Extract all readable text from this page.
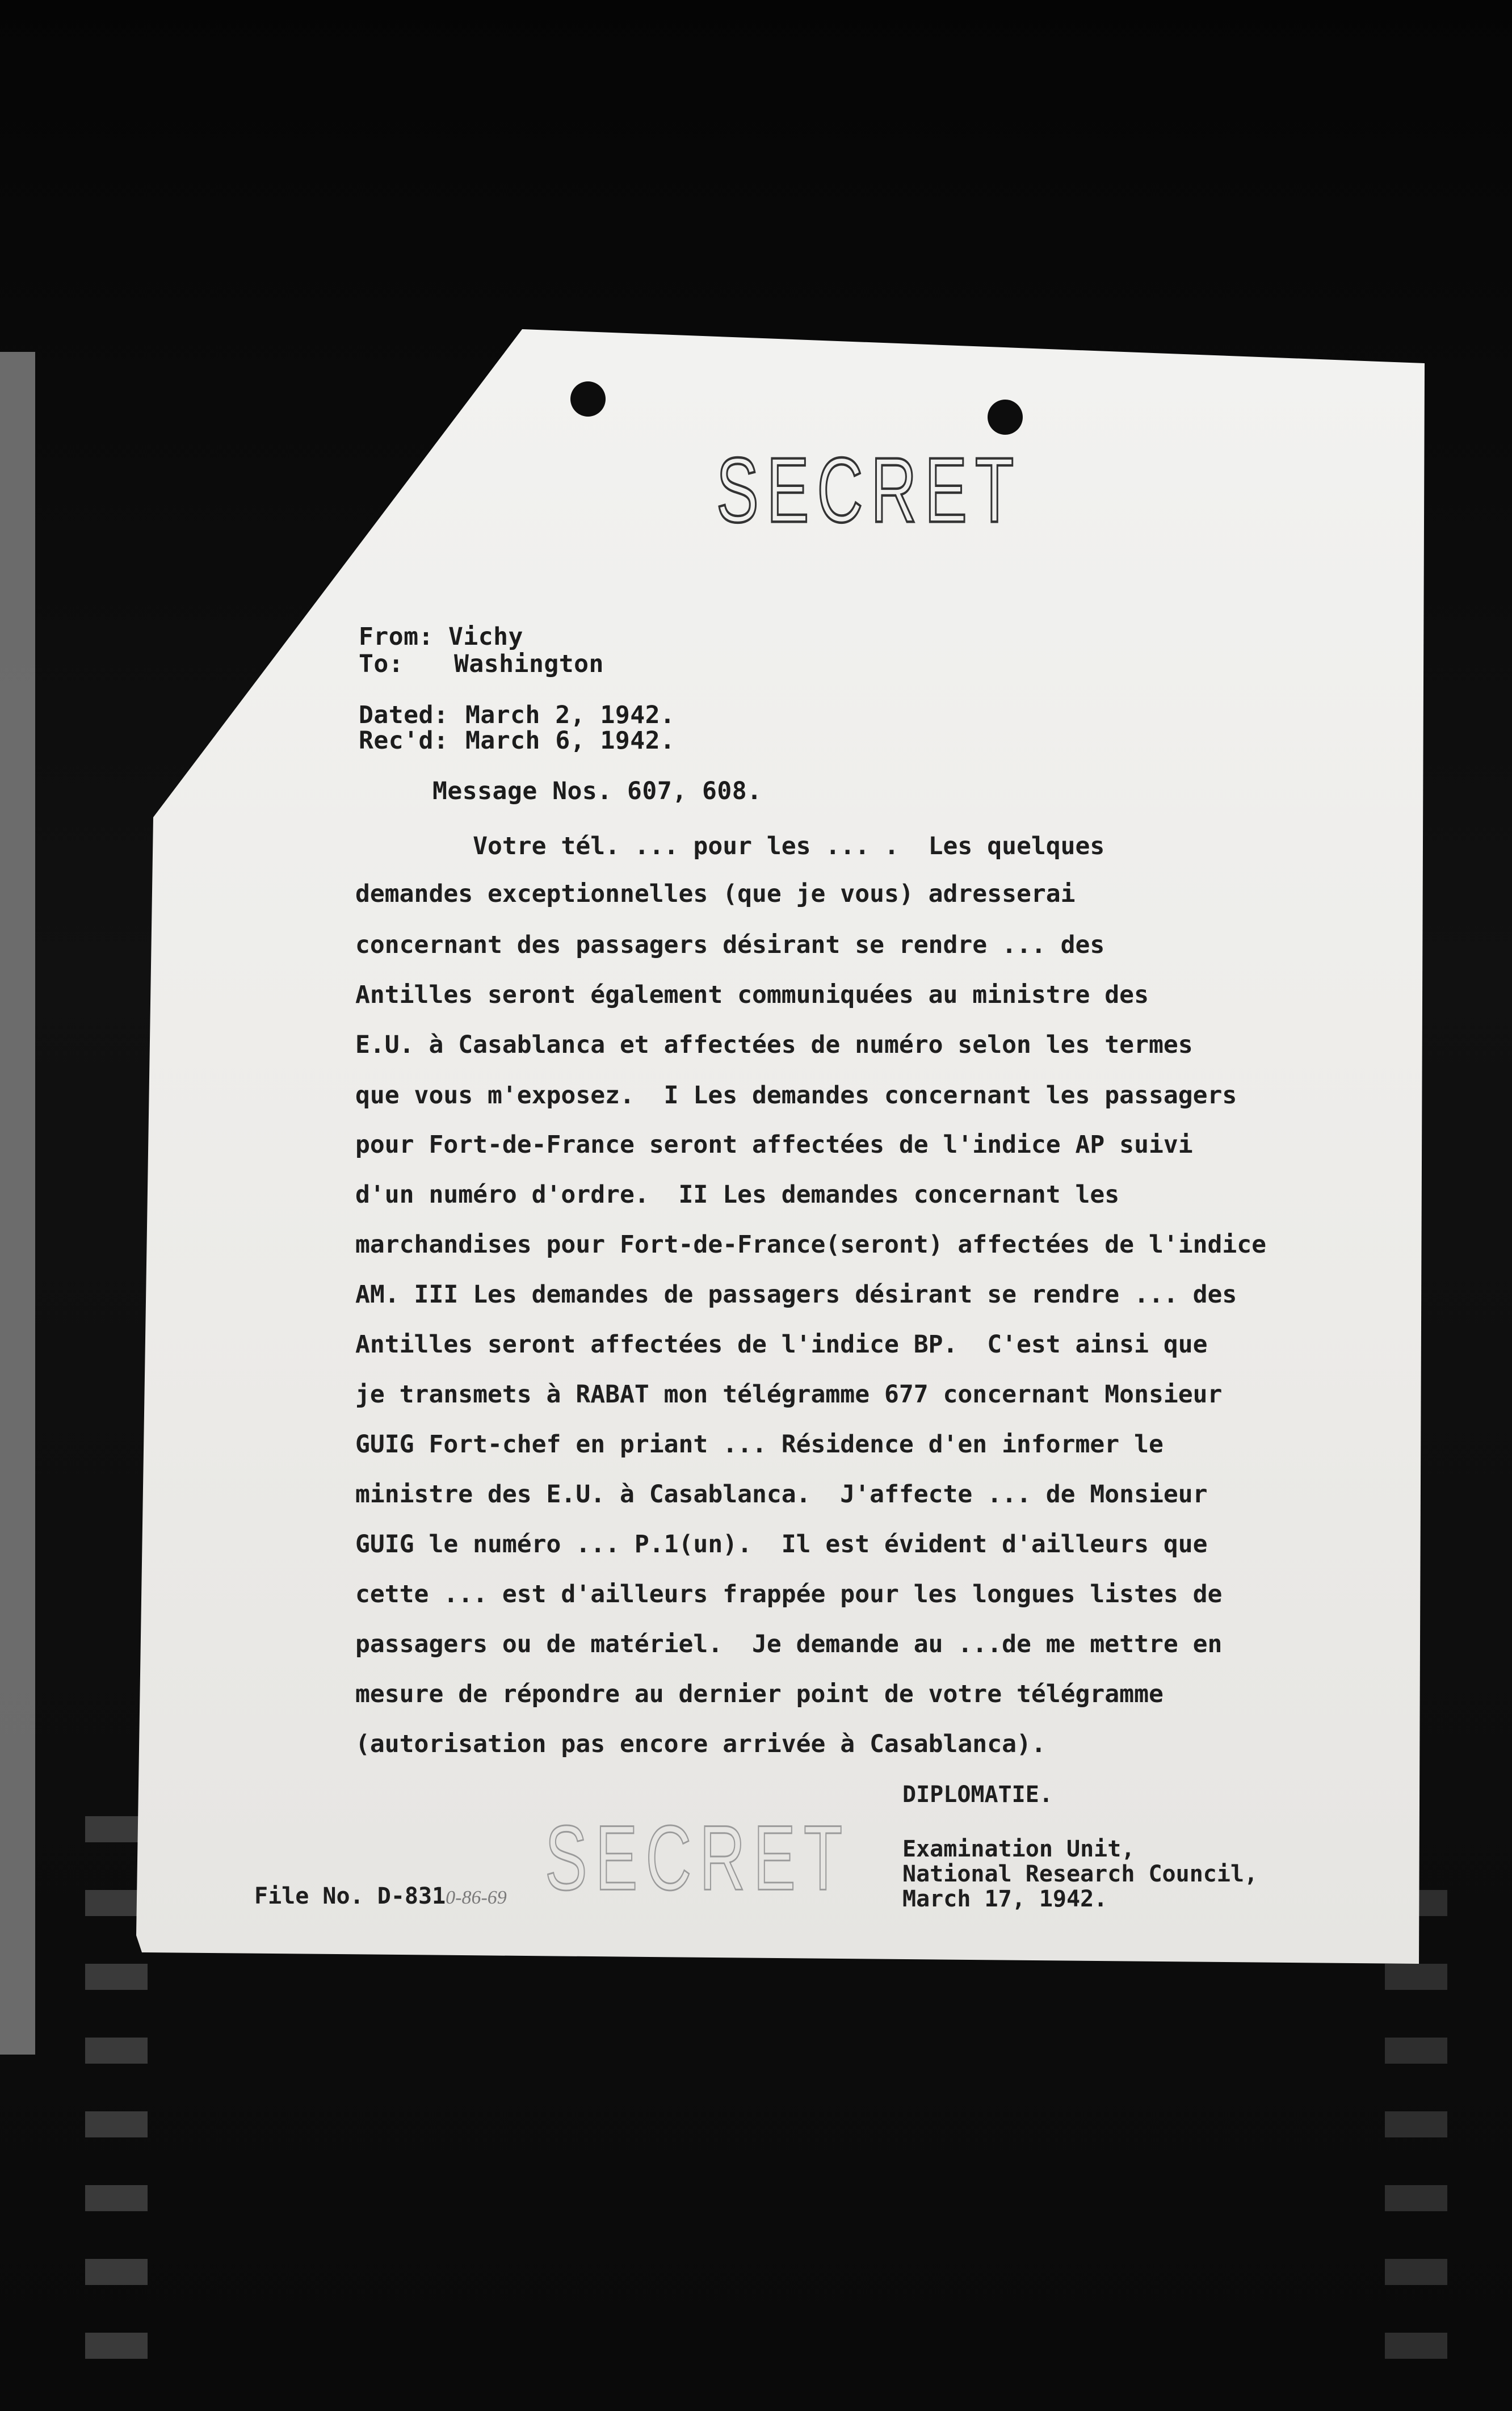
SECRET
From: Vichy
To: Washington
Dated: March 2, 1942.
Rec'd: March 6, 1942.
Message Nos. 607, 608.
Votre tél. ... pour les ... .  Les quelques
demandes exceptionnelles (que je vous) adresserai
concernant des passagers désirant se rendre ... des
Antilles seront également communiquées au ministre des
E.U. à Casablanca et affectées de numéro selon les termes
que vous m'exposez.  I Les demandes concernant les passagers
pour Fort-de-France seront affectées de l'indice AP suivi
d'un numéro d'ordre.  II Les demandes concernant les
marchandises pour Fort-de-France(seront) affectées de l'indice
AM. III Les demandes de passagers désirant se rendre ... des
Antilles seront affectées de l'indice BP.  C'est ainsi que
je transmets à RABAT mon télégramme 677 concernant Monsieur
GUIG Fort-chef en priant ... Résidence d'en informer le
ministre des E.U. à Casablanca.  J'affecte ... de Monsieur
GUIG le numéro ... P.1(un).  Il est évident d'ailleurs que
cette ... est d'ailleurs frappée pour les longues listes de
passagers ou de matériel.  Je demande au ...de me mettre en
mesure de répondre au dernier point de votre télégramme
(autorisation pas encore arrivée à Casablanca).
DIPLOMATIE.
Examination Unit,
National Research Council,
March 17, 1942.
SECRET
File No. D-8310-86-69
